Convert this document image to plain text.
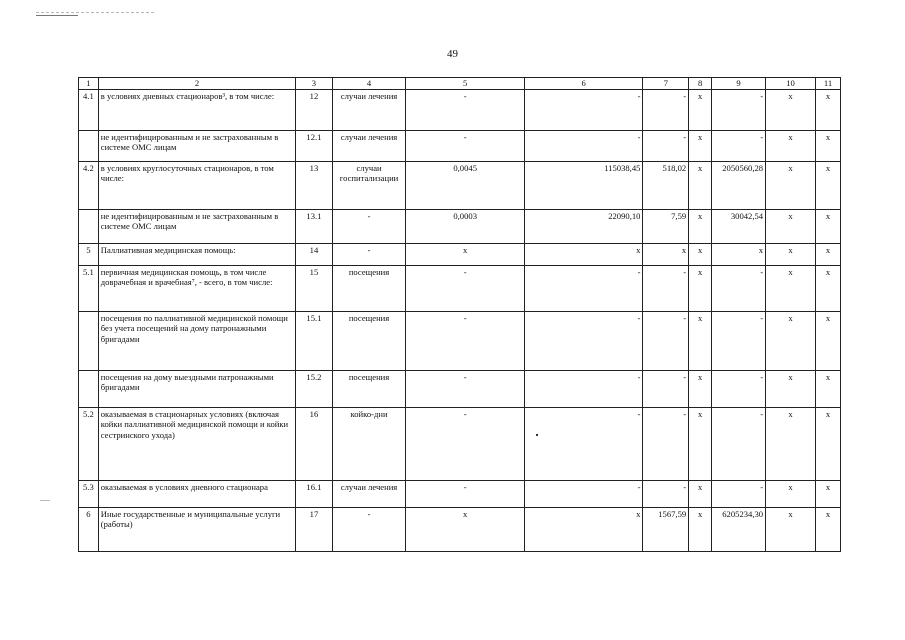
49
1	2	3	4	5	6	7	8	9	10	11
4.1	в условиях дневных стационаров³, в том числе:	12	случаи лечения	-	-	-	х	-	х	х
	не идентифицированным и не застрахованным в системе ОМС лицам	12.1	случаи лечения	-	-	-	х	-	х	х
4.2	в условиях круглосуточных стационаров, в том числе:	13	случаи госпитализации	0,0045	115038,45	518,02	х	2050560,28	х	х
	не идентифицированным и не застрахованным в системе ОМС лицам	13.1	-	0,0003	22090,10	7,59	х	30042,54	х	х
5	Паллиативная медицинская помощь:	14	-	х	х	х	х	х	х	х
5.1	первичная медицинская помощь, в том числе доврачебная и врачебная⁷, - всего, в том числе:	15	посещения	-	-	-	х	-	х	х
	посещения по паллиативной медицинской помощи без учета посещений на дому патронажными бригадами	15.1	посещения	-	-	-	х	-	х	х
	посещения на дому выездными патронажными бригадами	15.2	посещения	-	-	-	х	-	х	х
5.2	оказываемая в стационарных условиях (включая койки паллиативной медицинской помощи и койки сестринского ухода)	16	койко-дни	-	-	-	х	-	х	х
5.3	оказываемая в условиях дневного стационара	16.1	случаи лечения	-	-	-	х	-	х	х
6	Иные государственные и муниципальные услуги (работы)	17	-	х	х	1567,59	х	6205234,30	х	х
